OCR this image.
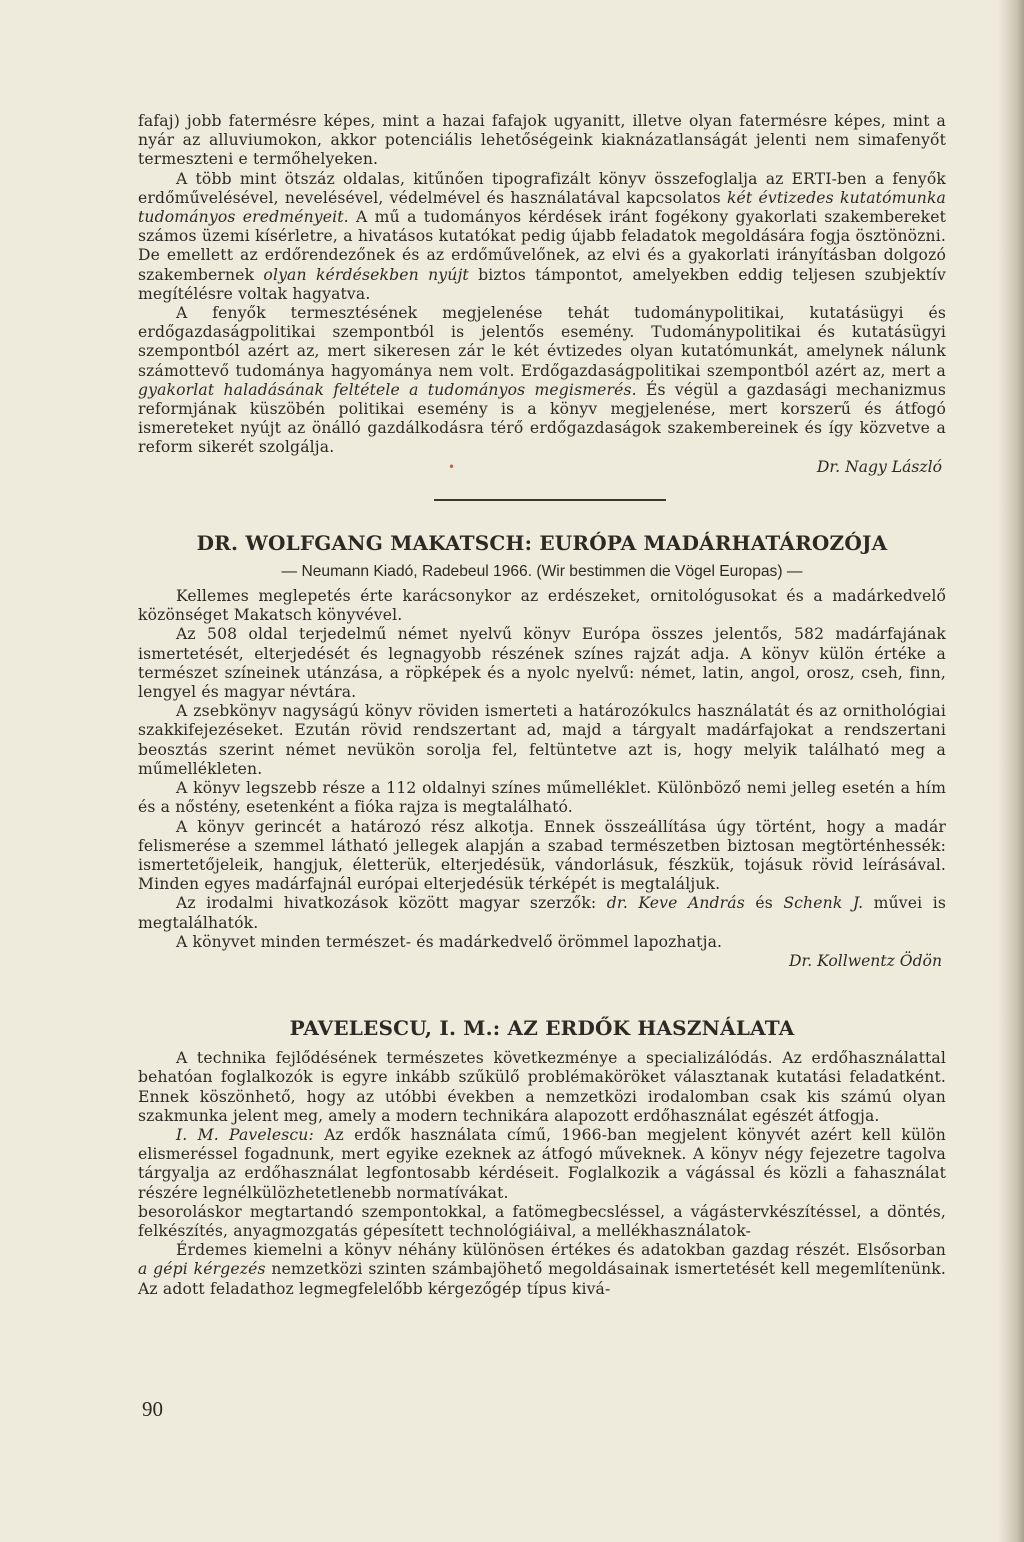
fafaj) jobb fatermésre képes, mint a hazai fafajok ugyanitt, illetve olyan fatermésre képes, mint a nyár az alluviumokon, akkor potenciális lehetőségeink kiaknázatlanságát jelenti nem simafenyőt termeszteni e termőhelyeken.

A több mint ötszáz oldalas, kitűnően tipografizált könyv összefoglalja az ERTI-ben a fenyők erdőművelésével, nevelésével, védelmével és használatával kapcsolatos két évtizedes kutatómunka tudományos eredményeit. A mű a tudományos kérdések iránt fogékony gyakorlati szakembereket számos üzemi kísérletre, a hivatásos kutatókat pedig újabb feladatok megoldására fogja ösztönözni. De emellett az erdőrendezőnek és az erdőművelőnek, az elvi és a gyakorlati irányításban dolgozó szakembernek olyan kérdésekben nyújt biztos támpontot, amelyekben eddig teljesen szubjektív megítélésre voltak hagyatva.

A fenyők termesztésének megjelenése tehát tudománypolitikai, kutatásügyi és erdőgazdaságpolitikai szempontból is jelentős esemény. Tudománypolitikai és kutatásügyi szempontból azért az, mert sikeresen zár le két évtizedes olyan kutatómunkát, amelynek nálunk számottevő tudománya hagyománya nem volt. Erdőgazdaságpolitikai szempontból azért az, mert a gyakorlat haladásának feltétele a tudományos megismerés. És végül a gazdasági mechanizmus reformjának küszöbén politikai esemény is a könyv megjelenése, mert korszerű és átfogó ismereteket nyújt az önálló gazdálkodásra térő erdőgazdaságok szakembereinek és így közvetve a reform sikerét szolgálja.

•	Dr. Nagy László
DR. WOLFGANG MAKATSCH: EURÓPA MADÁRHATÁROZÓJA
— Neumann Kiadó, Radebeul 1966. (Wir bestimmen die Vögel Europas) —

Kellemes meglepetés érte karácsonykor az erdészeket, ornitológusokat és a madárkedvelő közönséget Makatsch könyvével.

Az 508 oldal terjedelmű német nyelvű könyv Európa összes jelentős, 582 madárfajának ismertetését, elterjedését és legnagyobb részének színes rajzát adja. A könyv külön értéke a természet színeinek utánzása, a röpképek és a nyolc nyelvű: német, latin, angol, orosz, cseh, finn, lengyel és magyar névtára.

A zsebkönyv nagyságú könyv röviden ismerteti a határozókulcs használatát és az ornithológiai szakkifejezéseket. Ezután rövid rendszertant ad, majd a tárgyalt madárfajokat a rendszertani beosztás szerint német nevükön sorolja fel, feltüntetve azt is, hogy melyik található meg a műmellékleten.

A könyv legszebb része a 112 oldalnyi színes műmelléklet. Különböző nemi jelleg esetén a hím és a nőstény, esetenként a fióka rajza is megtalálható.

A könyv gerincét a határozó rész alkotja. Ennek összeállítása úgy történt, hogy a madár felismerése a szemmel látható jellegek alapján a szabad természetben biztosan megtörténhessék: ismertetőjeleik, hangjuk, életterük, elterjedésük, vándorlásuk, fészkük, tojásuk rövid leírásával. Minden egyes madárfajnál európai elterjedésük térképét is megtaláljuk.

Az irodalmi hivatkozások között magyar szerzők: dr. Keve András és Schenk J. művei is megtalálhatók.

A könyvet minden természet- és madárkedvelő örömmel lapozhatja.

Dr. Kollwentz Ödön
PAVELESCU, I. M.: AZ ERDŐK HASZNÁLATA

A technika fejlődésének természetes következménye a specializálódás. Az erdőhasználattal behatóan foglalkozók is egyre inkább szűkülő problémaköröket választanak kutatási feladatként. Ennek köszönhető, hogy az utóbbi években a nemzetközi irodalomban csak kis számú olyan szakmunka jelent meg, amely a modern technikára alapozott erdőhasználat egészét átfogja.

I. M. Pavelescu: Az erdők használata című, 1966-ban megjelent könyvét azért kell külön elismeréssel fogadnunk, mert egyike ezeknek az átfogó műveknek. A könyv négy fejezetre tagolva tárgyalja az erdőhasználat legfontosabb kérdéseit. Foglalkozik a vágással és közli a fahasználat részére legnélkülözhetetlenebb normatívákat.

besoroláskor megtartandó szempontokkal, a fatömegbecsléssel, a vágástervkészítéssel, a döntés, felkészítés, anyagmozgatás gépesített technológiáival, a mellékhasználatok-

Érdemes kiemelni a könyv néhány különösen értékes és adatokban gazdag részét. Elsősorban a gépi kérgezés nemzetközi szinten számbajöhető megoldásainak ismertetését kell megemlítenünk. Az adott feladathoz legmegfelelőbb kérgezőgép típus kivá-

90
